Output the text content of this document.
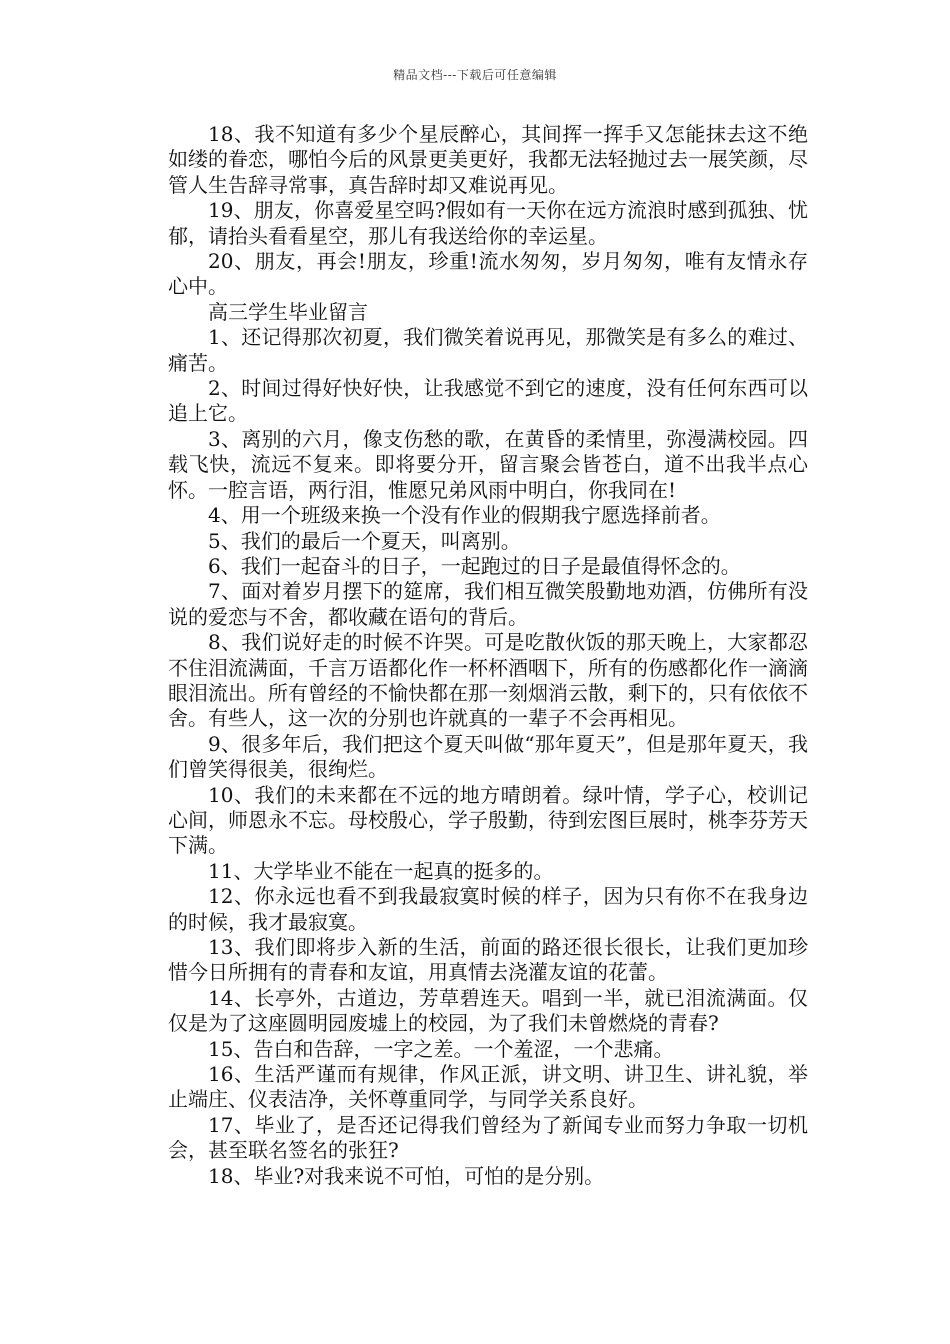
精品文档---下载后可任意编辑

18、我不知道有多少个星辰醉心，其间挥一挥手又怎能抹去这不绝如缕的眷恋，哪怕今后的风景更美更好，我都无法轻抛过去一展笑颜，尽管人生告辞寻常事，真告辞时却又难说再见。

19、朋友，你喜爱星空吗?假如有一天你在远方流浪时感到孤独、忧郁，请抬头看看星空，那儿有我送给你的幸运星。

20、朋友，再会!朋友，珍重!流水匆匆，岁月匆匆，唯有友情永存心中。

高三学生毕业留言

1、还记得那次初夏，我们微笑着说再见，那微笑是有多么的难过、痛苦。

2、时间过得好快好快，让我感觉不到它的速度，没有任何东西可以追上它。

3、离别的六月，像支伤愁的歌，在黄昏的柔情里，弥漫满校园。四载飞快，流远不复来。即将要分开，留言聚会皆苍白，道不出我半点心怀。一腔言语，两行泪，惟愿兄弟风雨中明白，你我同在!

4、用一个班级来换一个没有作业的假期我宁愿选择前者。

5、我们的最后一个夏天，叫离别。

6、我们一起奋斗的日子，一起跑过的日子是最值得怀念的。

7、面对着岁月摆下的筵席，我们相互微笑殷勤地劝酒，仿佛所有没说的爱恋与不舍，都收藏在语句的背后。

8、我们说好走的时候不许哭。可是吃散伙饭的那天晚上，大家都忍不住泪流满面，千言万语都化作一杯杯酒咽下，所有的伤感都化作一滴滴眼泪流出。所有曾经的不愉快都在那一刻烟消云散，剩下的，只有依依不舍。有些人，这一次的分别也许就真的一辈子不会再相见。

9、很多年后，我们把这个夏天叫做“那年夏天”，但是那年夏天，我们曾笑得很美，很绚烂。

10、我们的未来都在不远的地方晴朗着。绿叶情，学子心，校训记心间，师恩永不忘。母校殷心，学子殷勤，待到宏图巨展时，桃李芬芳天下满。

11、大学毕业不能在一起真的挺多的。

12、你永远也看不到我最寂寞时候的样子，因为只有你不在我身边的时候，我才最寂寞。

13、我们即将步入新的生活，前面的路还很长很长，让我们更加珍惜今日所拥有的青春和友谊，用真情去浇灌友谊的花蕾。

14、长亭外，古道边，芳草碧连天。唱到一半，就已泪流满面。仅仅是为了这座圆明园废墟上的校园，为了我们未曾燃烧的青春?

15、告白和告辞，一字之差。一个羞涩，一个悲痛。

16、生活严谨而有规律，作风正派，讲文明、讲卫生、讲礼貌，举止端庄、仪表洁净，关怀尊重同学，与同学关系良好。

17、毕业了，是否还记得我们曾经为了新闻专业而努力争取一切机会，甚至联名签名的张狂?

18、毕业?对我来说不可怕，可怕的是分别。
